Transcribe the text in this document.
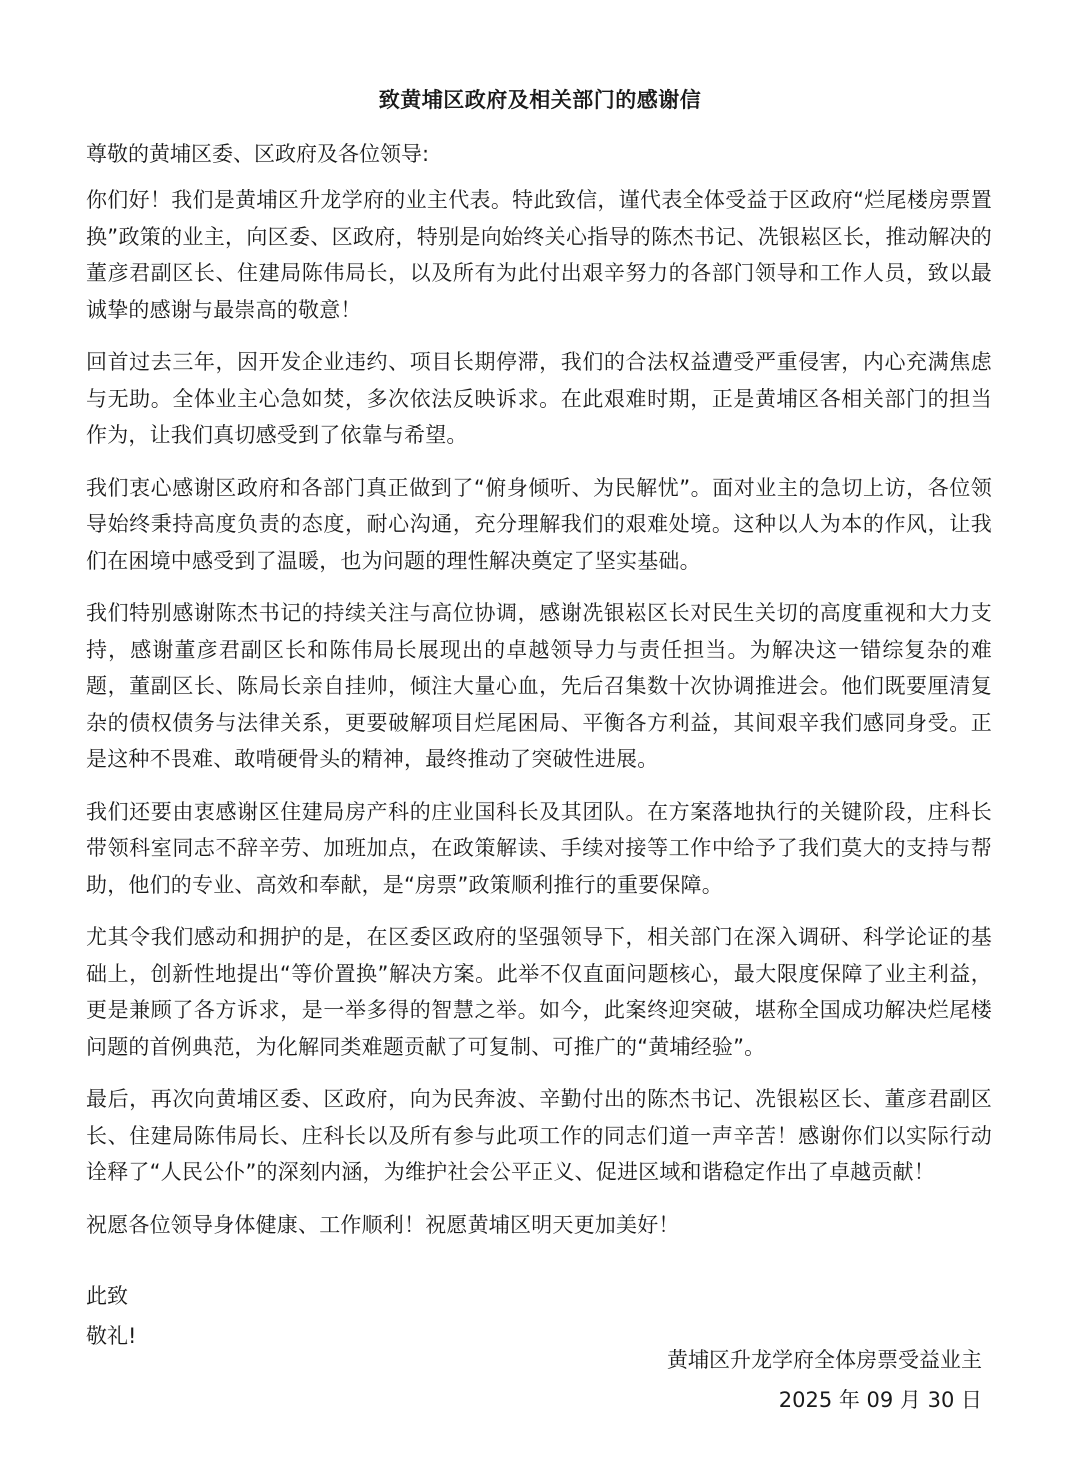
致黄埔区政府及相关部门的感谢信
尊敬的黄埔区委、区政府及各位领导:

你们好！我们是黄埔区升龙学府的业主代表。特此致信，谨代表全体受益于区政府“烂尾楼房票置换”政策的业主，向区委、区政府，特别是向始终关心指导的陈杰书记、冼银崧区长，推动解决的董彦君副区长、住建局陈伟局长，以及所有为此付出艰辛努力的各部门领导和工作人员，致以最诚挚的感谢与最崇高的敬意！

回首过去三年，因开发企业违约、项目长期停滞，我们的合法权益遭受严重侵害，内心充满焦虑与无助。全体业主心急如焚，多次依法反映诉求。在此艰难时期，正是黄埔区各相关部门的担当作为，让我们真切感受到了依靠与希望。

我们衷心感谢区政府和各部门真正做到了“俯身倾听、为民解忧”。面对业主的急切上访，各位领导始终秉持高度负责的态度，耐心沟通，充分理解我们的艰难处境。这种以人为本的作风，让我们在困境中感受到了温暖，也为问题的理性解决奠定了坚实基础。

我们特别感谢陈杰书记的持续关注与高位协调，感谢冼银崧区长对民生关切的高度重视和大力支持，感谢董彦君副区长和陈伟局长展现出的卓越领导力与责任担当。为解决这一错综复杂的难题，董副区长、陈局长亲自挂帅，倾注大量心血，先后召集数十次协调推进会。他们既要厘清复杂的债权债务与法律关系，更要破解项目烂尾困局、平衡各方利益，其间艰辛我们感同身受。正是这种不畏难、敢啃硬骨头的精神，最终推动了突破性进展。

我们还要由衷感谢区住建局房产科的庄业国科长及其团队。在方案落地执行的关键阶段，庄科长带领科室同志不辞辛劳、加班加点，在政策解读、手续对接等工作中给予了我们莫大的支持与帮助，他们的专业、高效和奉献，是“房票”政策顺利推行的重要保障。

尤其令我们感动和拥护的是，在区委区政府的坚强领导下，相关部门在深入调研、科学论证的基础上，创新性地提出“等价置换”解决方案。此举不仅直面问题核心，最大限度保障了业主利益，更是兼顾了各方诉求，是一举多得的智慧之举。如今，此案终迎突破，堪称全国成功解决烂尾楼问题的首例典范，为化解同类难题贡献了可复制、可推广的“黄埔经验”。

最后，再次向黄埔区委、区政府，向为民奔波、辛勤付出的陈杰书记、冼银崧区长、董彦君副区长、住建局陈伟局长、庄科长以及所有参与此项工作的同志们道一声辛苦！感谢你们以实际行动诠释了“人民公仆”的深刻内涵，为维护社会公平正义、促进区域和谐稳定作出了卓越贡献！

祝愿各位领导身体健康、工作顺利！祝愿黄埔区明天更加美好！

此致
敬礼!
黄埔区升龙学府全体房票受益业主
2025 年 09 月 30 日
